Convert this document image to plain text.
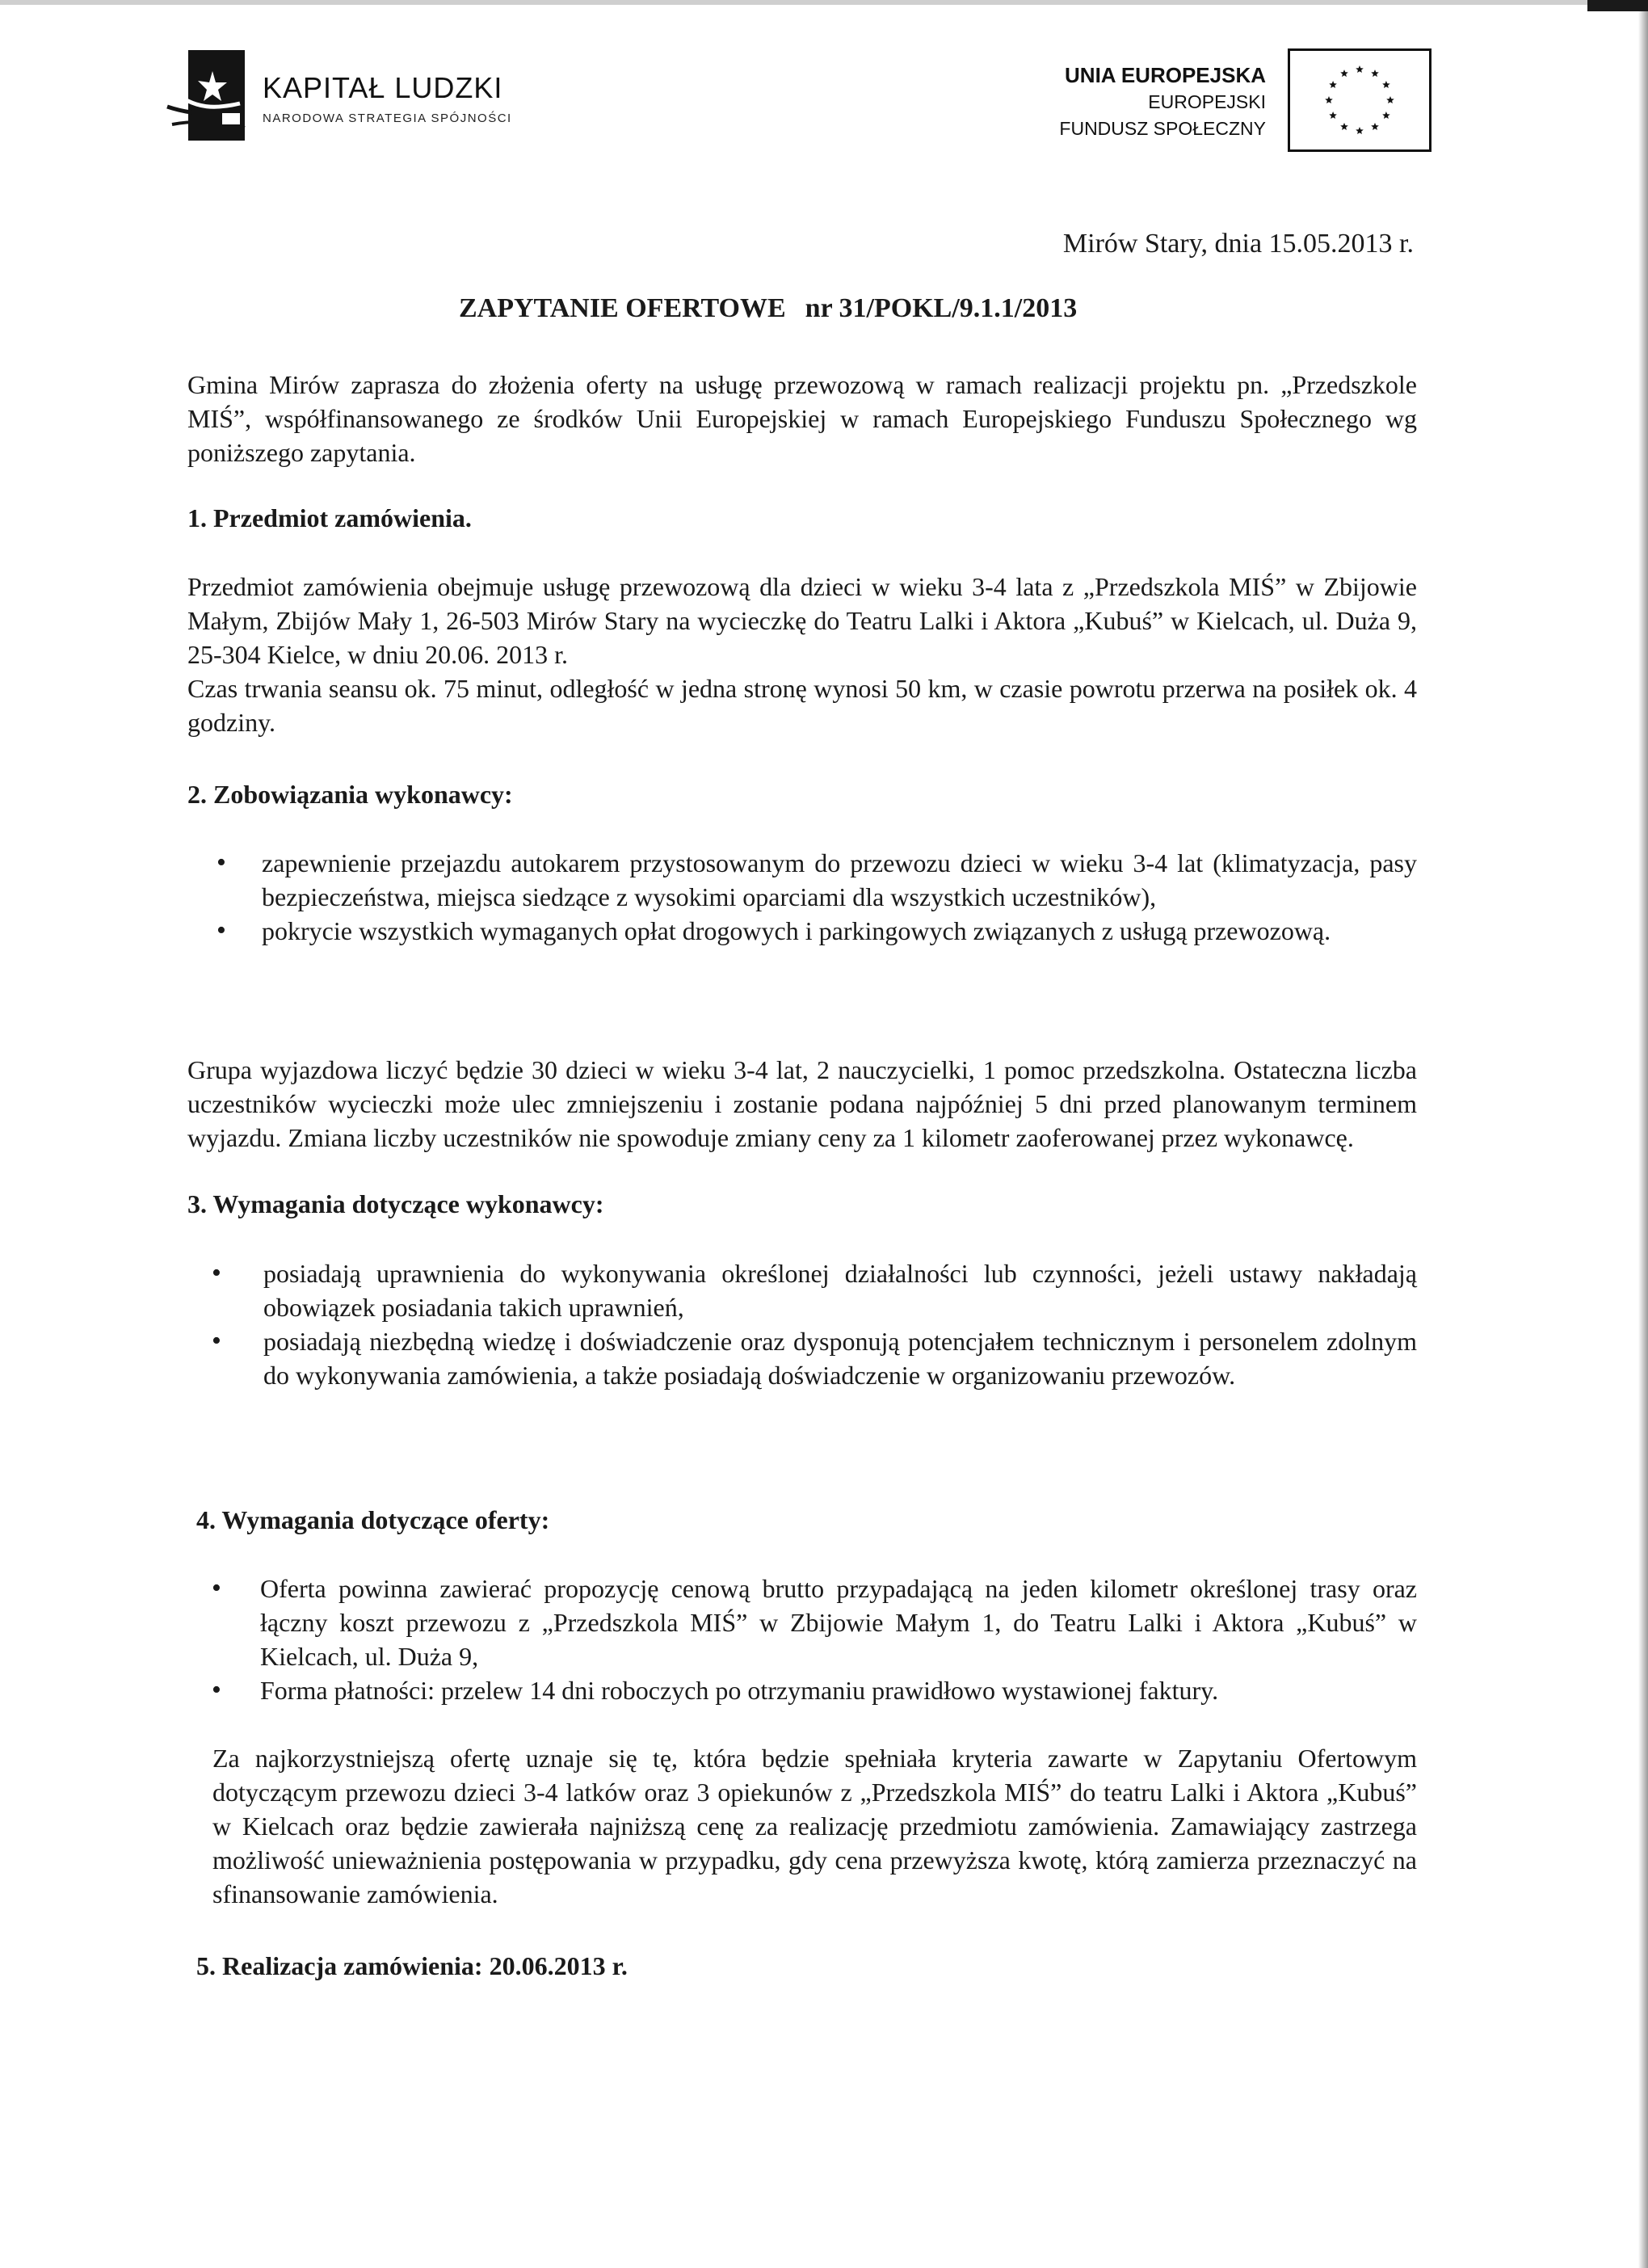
KAPITAŁ LUDZKI
NARODOWA STRATEGIA SPÓJNOŚCI
UNIA EUROPEJSKA
EUROPEJSKI
FUNDUSZ SPOŁECZNY
Mirów Stary, dnia 15.05.2013 r.
ZAPYTANIE OFERTOWE nr 31/POKL/9.1.1/2013

Gmina Mirów zaprasza do złożenia oferty na usługę przewozową w ramach realizacji projektu pn. „Przedszkole MIŚ”, współfinansowanego ze środków Unii Europejskiej w ramach Europejskiego Funduszu Społecznego wg poniższego zapytania.

1. Przedmiot zamówienia.

Przedmiot zamówienia obejmuje usługę przewozową dla dzieci w wieku 3-4 lata z „Przedszkola MIŚ” w Zbijowie Małym, Zbijów Mały 1, 26-503 Mirów Stary na wycieczkę do Teatru Lalki i Aktora „Kubuś” w Kielcach, ul. Duża 9, 25-304 Kielce, w dniu 20.06. 2013 r.

Czas trwania seansu ok. 75 minut, odległość w jedna stronę wynosi 50 km, w czasie powrotu przerwa na posiłek ok. 4 godziny.

2. Zobowiązania wykonawcy:
• zapewnienie przejazdu autokarem przystosowanym do przewozu dzieci w wieku 3-4 lat (klimatyzacja, pasy bezpieczeństwa, miejsca siedzące z wysokimi oparciami dla wszystkich uczestników),
• pokrycie wszystkich wymaganych opłat drogowych i parkingowych związanych z usługą przewozową.

Grupa wyjazdowa liczyć będzie 30 dzieci w wieku 3-4 lat, 2 nauczycielki, 1 pomoc przedszkolna. Ostateczna liczba uczestników wycieczki może ulec zmniejszeniu i zostanie podana najpóźniej 5 dni przed planowanym terminem wyjazdu. Zmiana liczby uczestników nie spowoduje zmiany ceny za 1 kilometr zaoferowanej przez wykonawcę.

3. Wymagania dotyczące wykonawcy:
• posiadają uprawnienia do wykonywania określonej działalności lub czynności, jeżeli ustawy nakładają obowiązek posiadania takich uprawnień,
• posiadają niezbędną wiedzę i doświadczenie oraz dysponują potencjałem technicznym i personelem zdolnym do wykonywania zamówienia, a także posiadają doświadczenie w organizowaniu przewozów.
4. Wymagania dotyczące oferty:
• Oferta powinna zawierać propozycję cenową brutto przypadającą na jeden kilometr określonej trasy oraz łączny koszt przewozu z „Przedszkola MIŚ” w Zbijowie Małym 1, do Teatru Lalki i Aktora „Kubuś” w Kielcach, ul. Duża 9,
• Forma płatności: przelew 14 dni roboczych po otrzymaniu prawidłowo wystawionej faktury.

Za najkorzystniejszą ofertę uznaje się tę, która będzie spełniała kryteria zawarte w Zapytaniu Ofertowym dotyczącym przewozu dzieci 3-4 latków oraz 3 opiekunów z „Przedszkola MIŚ” do teatru Lalki i Aktora „Kubuś” w Kielcach oraz będzie zawierała najniższą cenę za realizację przedmiotu zamówienia. Zamawiający zastrzega możliwość unieważnienia postępowania w przypadku, gdy cena przewyższa kwotę, którą zamierza przeznaczyć na sfinansowanie zamówienia.

5. Realizacja zamówienia: 20.06.2013 r.
